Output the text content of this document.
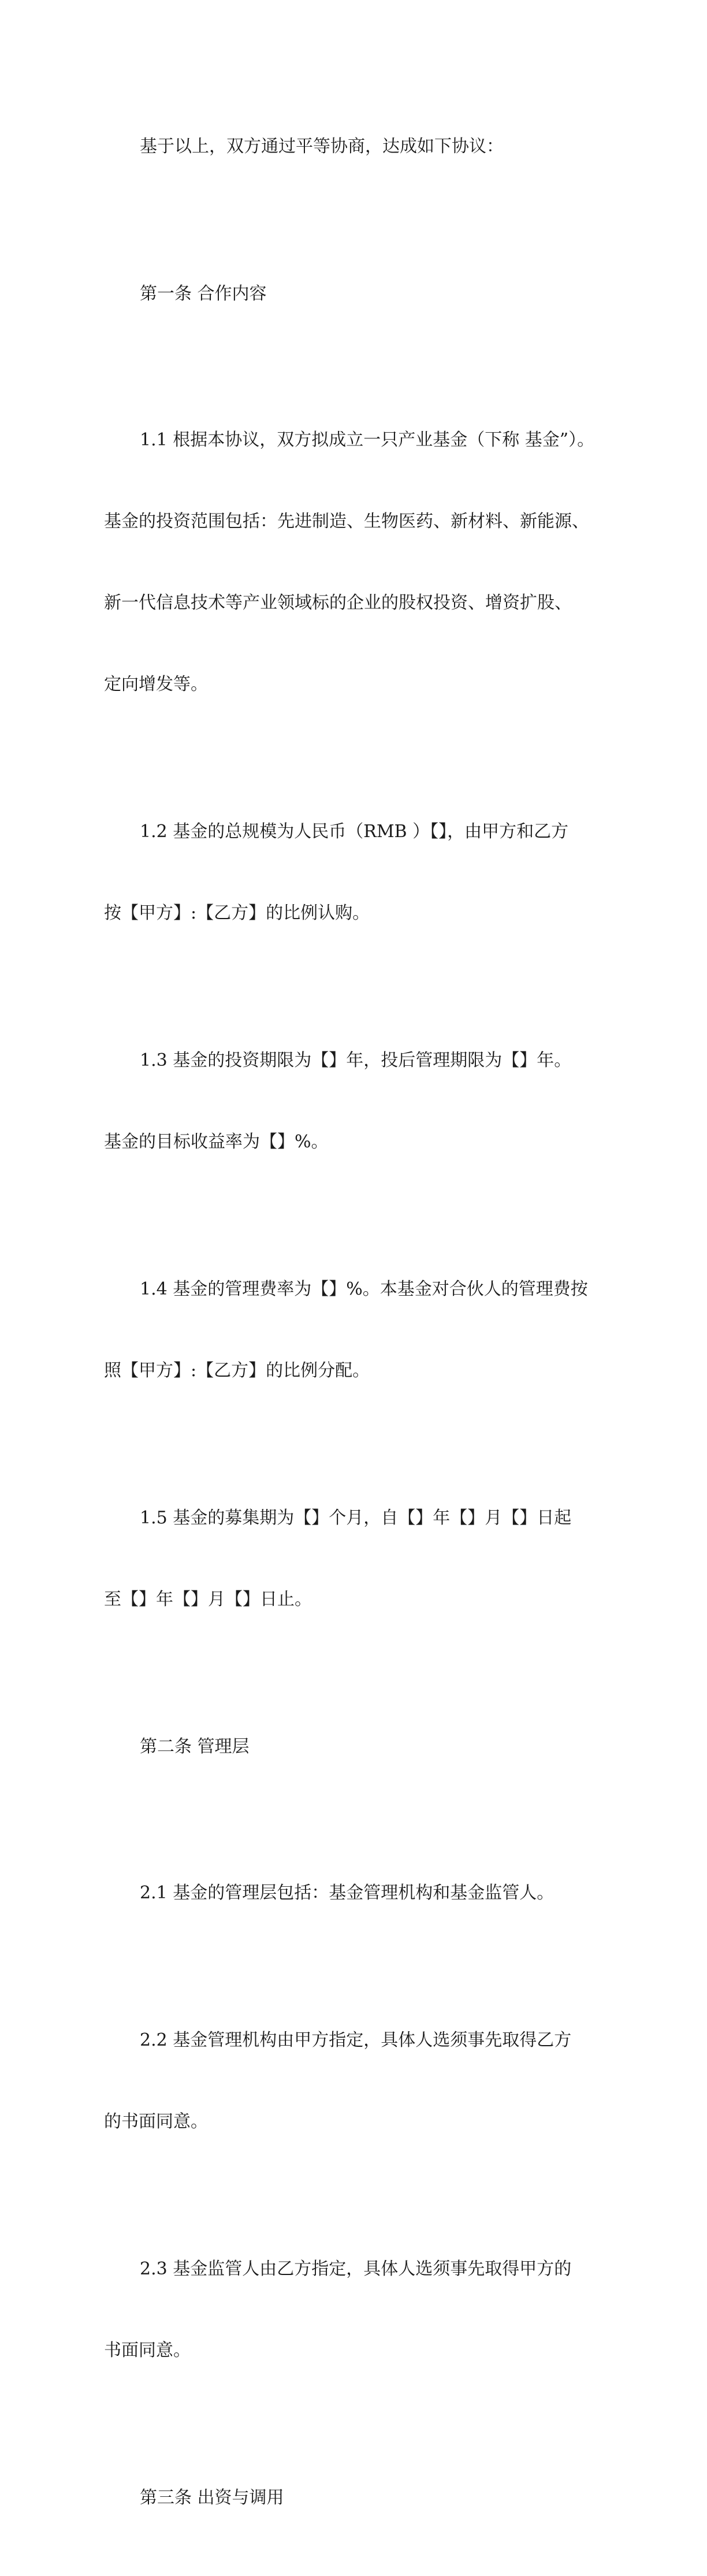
基于以上，双方通过平等协商，达成如下协议：

第一条 合作内容

1.1 根据本协议，双方拟成立一只产业基金（下称 基金”）。

基金的投资范围包括：先进制造、生物医药、新材料、新能源、

新一代信息技术等产业领域标的企业的股权投资、增资扩股、

定向增发等。

1.2 基金的总规模为人民币（RMB ）【】，由甲方和乙方

按【甲方】:【乙方】的比例认购。

1.3 基金的投资期限为【】年，投后管理期限为【】年。

基金的目标收益率为【】%。

1.4 基金的管理费率为【】%。本基金对合伙人的管理费按

照【甲方】:【乙方】的比例分配。

1.5 基金的募集期为【】个月，自【】年【】月【】日起

至【】年【】月【】日止。

第二条 管理层

2.1 基金的管理层包括：基金管理机构和基金监管人。

2.2 基金管理机构由甲方指定，具体人选须事先取得乙方

的书面同意。

2.3 基金监管人由乙方指定，具体人选须事先取得甲方的

书面同意。

第三条 出资与调用
